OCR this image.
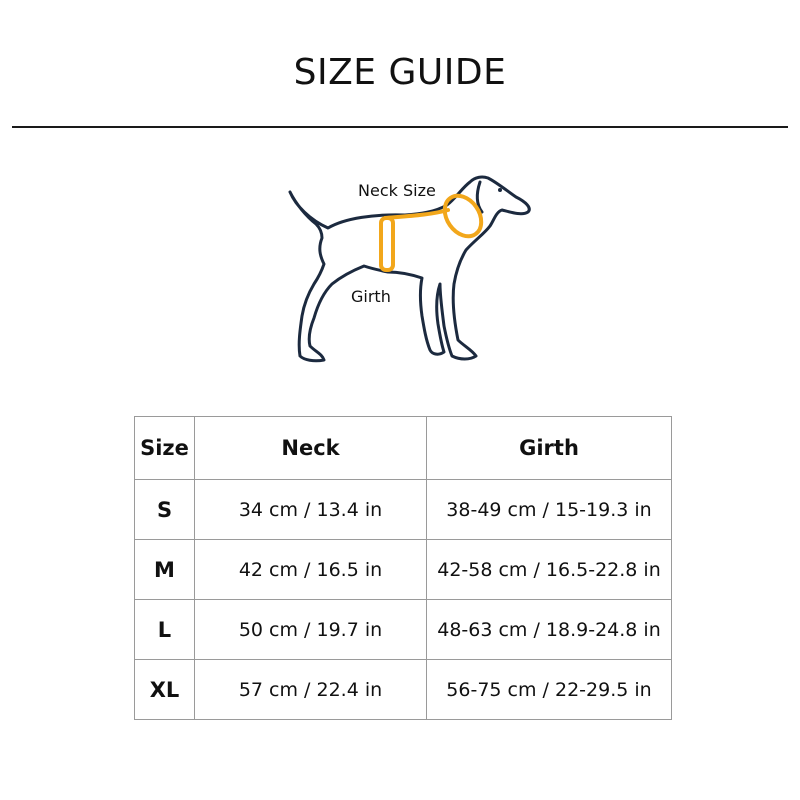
SIZE GUIDE
Neck Size
Girth
Size	Neck	Girth
S	34 cm / 13.4 in	38-49 cm / 15-19.3 in
M	42 cm / 16.5 in	42-58 cm / 16.5-22.8 in
L	50 cm / 19.7 in	48-63 cm / 18.9-24.8 in
XL	57 cm / 22.4 in	56-75 cm / 22-29.5 in
